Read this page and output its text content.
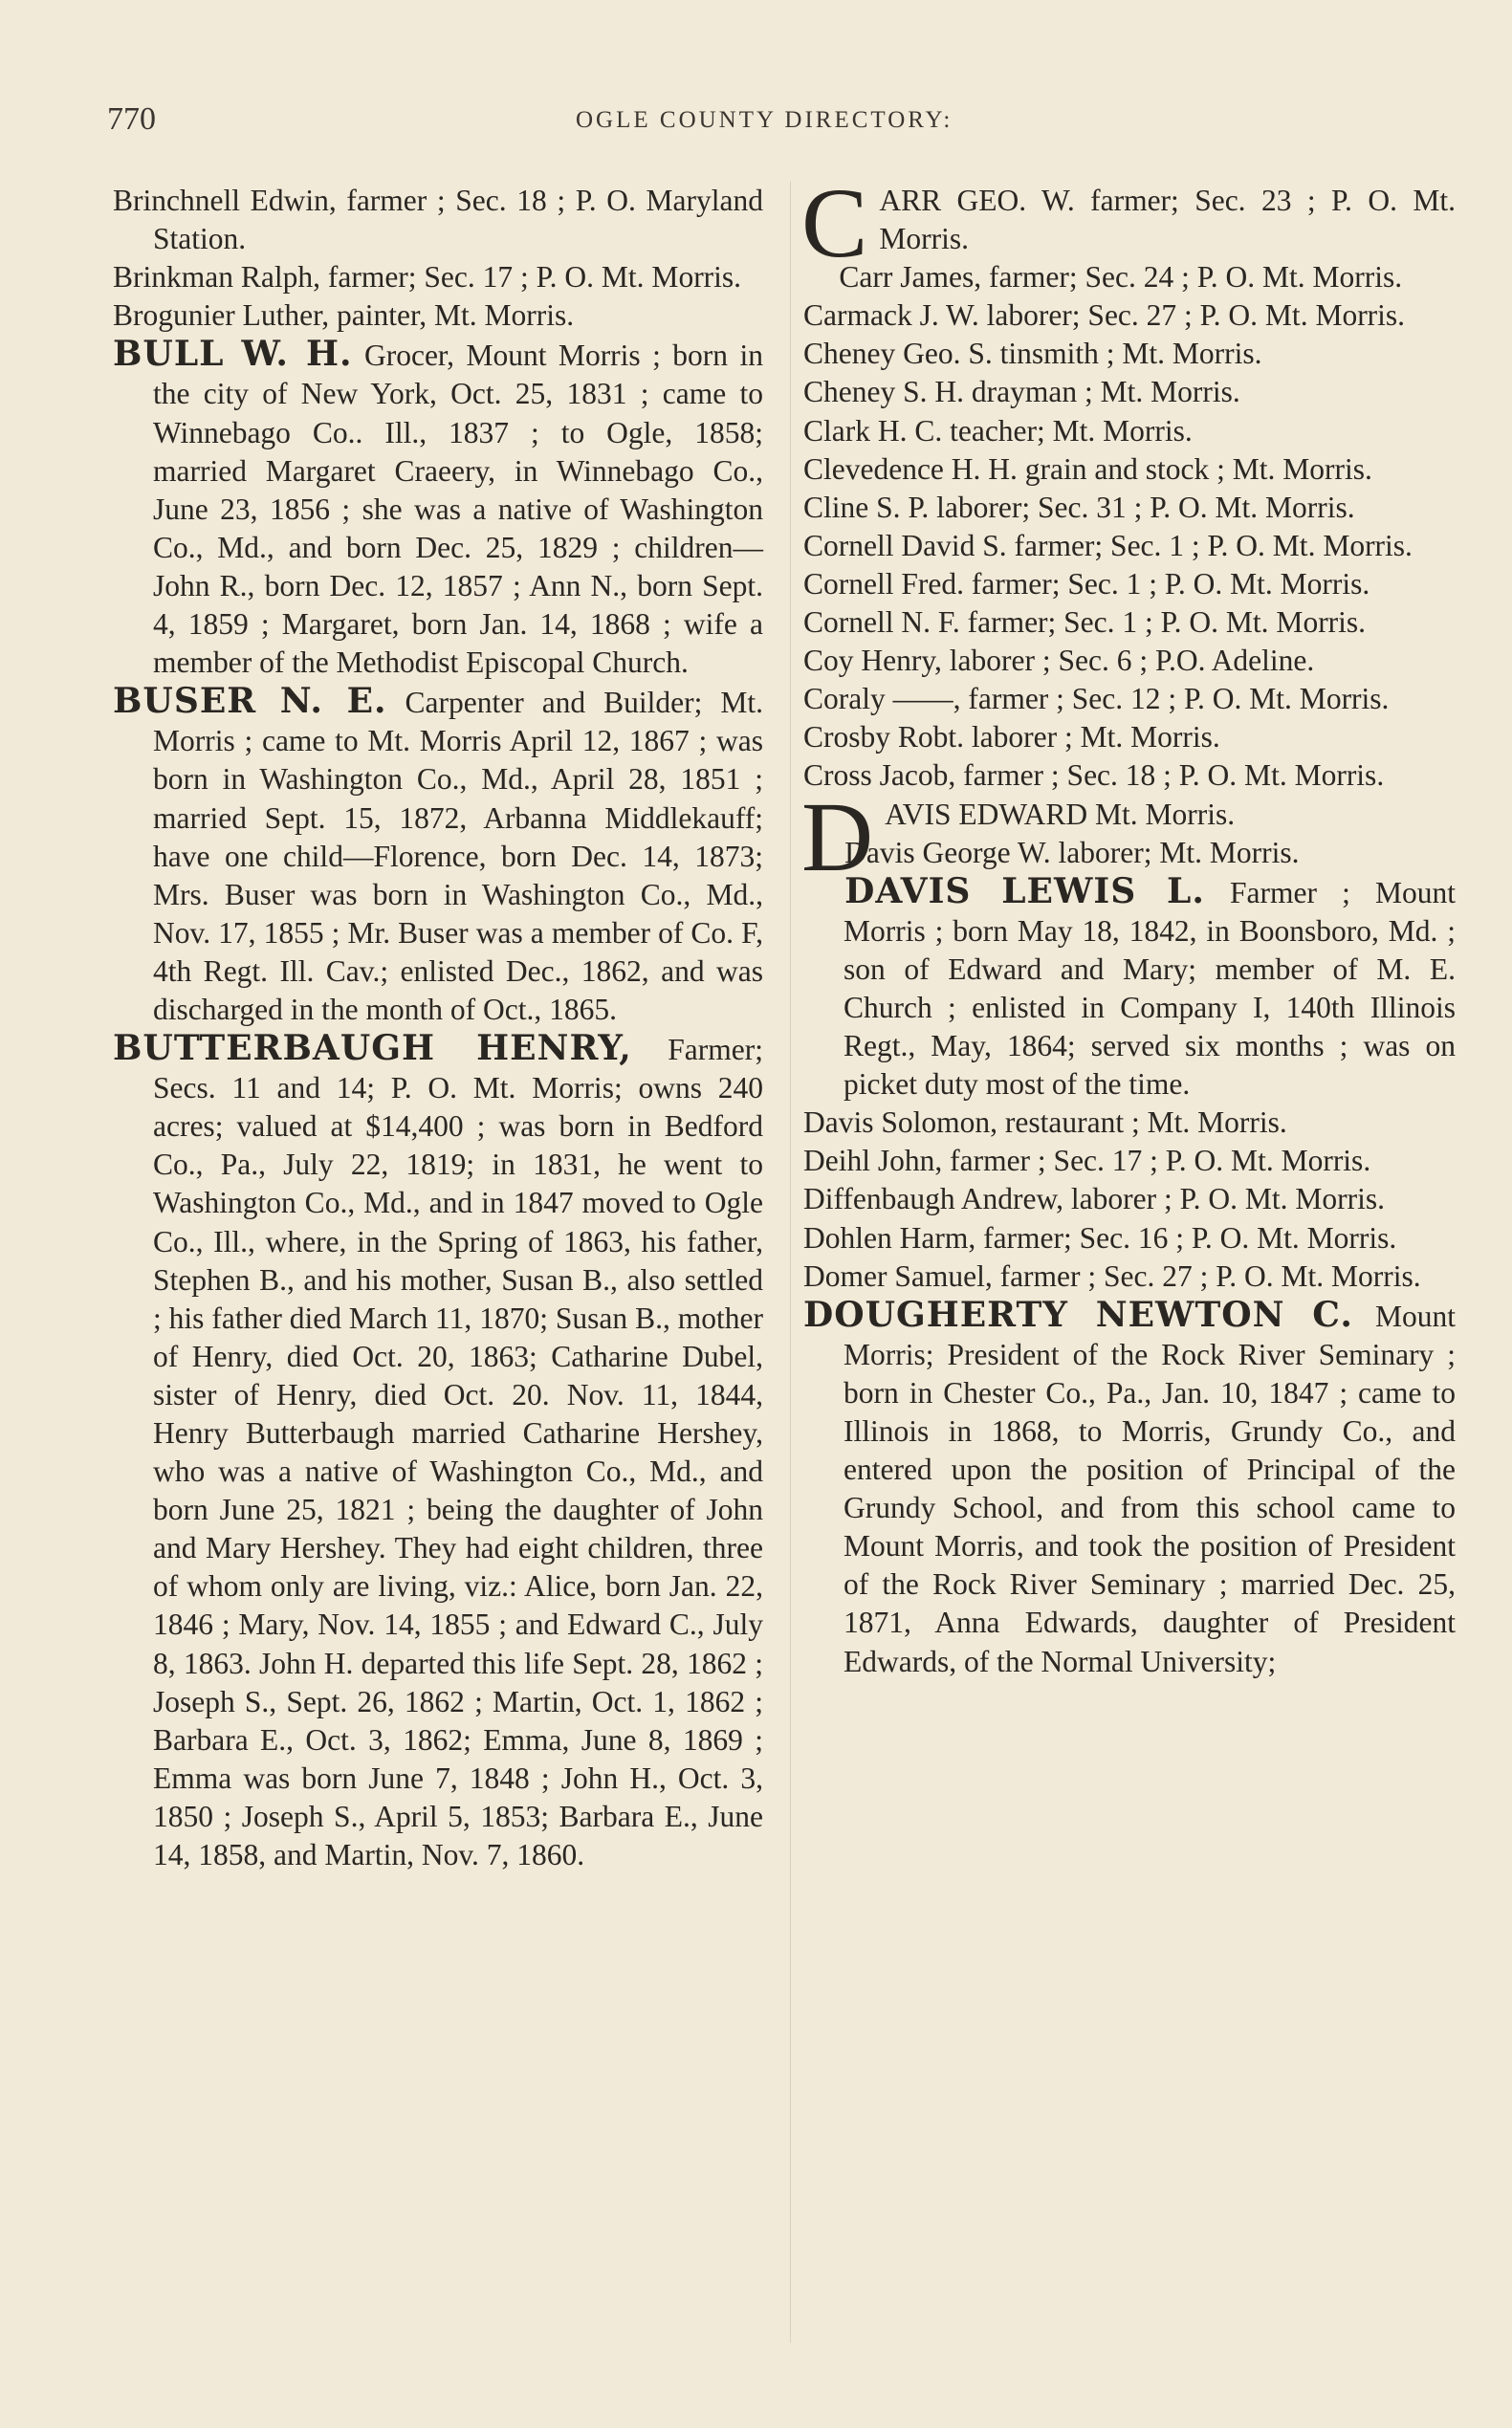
770	OGLE COUNTY DIRECTORY:

Brinchnell Edwin, farmer ; Sec. 18 ; P. O. Maryland Station.

Brinkman Ralph, farmer; Sec. 17 ; P. O. Mt. Morris.

Brogunier Luther, painter, Mt. Morris.

BULL W. H. Grocer, Mount Morris ; born in the city of New York, Oct. 25, 1831 ; came to Winnebago Co.. Ill., 1837 ; to Ogle, 1858; married Margaret Craeery, in Winnebago Co., June 23, 1856 ; she was a native of Washington Co., Md., and born Dec. 25, 1829 ; children—John R., born Dec. 12, 1857 ; Ann N., born Sept. 4, 1859 ; Margaret, born Jan. 14, 1868 ; wife a member of the Methodist Episcopal Church.

BUSER N. E. Carpenter and Builder; Mt. Morris ; came to Mt. Morris April 12, 1867 ; was born in Washington Co., Md., April 28, 1851 ; married Sept. 15, 1872, Arbanna Middlekauff; have one child—Florence, born Dec. 14, 1873; Mrs. Buser was born in Washington Co., Md., Nov. 17, 1855 ; Mr. Buser was a member of Co. F, 4th Regt. Ill. Cav.; enlisted Dec., 1862, and was discharged in the month of Oct., 1865.

BUTTERBAUGH HENRY, Farmer; Secs. 11 and 14; P. O. Mt. Morris; owns 240 acres; valued at $14,400 ; was born in Bedford Co., Pa., July 22, 1819; in 1831, he went to Washington Co., Md., and in 1847 moved to Ogle Co., Ill., where, in the Spring of 1863, his father, Stephen B., and his mother, Susan B., also settled ; his father died March 11, 1870; Susan B., mother of Henry, died Oct. 20, 1863; Catharine Dubel, sister of Henry, died Oct. 20. Nov. 11, 1844, Henry Butterbaugh married Catharine Hershey, who was a native of Washington Co., Md., and born June 25, 1821 ; being the daughter of John and Mary Hershey. They had eight children, three of whom only are living, viz.: Alice, born Jan. 22, 1846 ; Mary, Nov. 14, 1855 ; and Edward C., July 8, 1863. John H. departed this life Sept. 28, 1862 ; Joseph S., Sept. 26, 1862 ; Martin, Oct. 1, 1862 ; Barbara E., Oct. 3, 1862; Emma, June 8, 1869 ; Emma was born June 7, 1848 ; John H., Oct. 3, 1850 ; Joseph S., April 5, 1853; Barbara E., June 14, 1858, and Martin, Nov. 7, 1860.

CARR GEO. W. farmer; Sec. 23 ; P. O. Mt. Morris.

Carr James, farmer; Sec. 24 ; P. O. Mt. Morris.

Carmack J. W. laborer; Sec. 27 ; P. O. Mt. Morris.

Cheney Geo. S. tinsmith ; Mt. Morris.

Cheney S. H. drayman ; Mt. Morris.

Clark H. C. teacher; Mt. Morris.

Clevedence H. H. grain and stock ; Mt. Morris.

Cline S. P. laborer; Sec. 31 ; P. O. Mt. Morris.

Cornell David S. farmer; Sec. 1 ; P. O. Mt. Morris.

Cornell Fred. farmer; Sec. 1 ; P. O. Mt. Morris.

Cornell N. F. farmer; Sec. 1 ; P. O. Mt. Morris.

Coy Henry, laborer ; Sec. 6 ; P.O. Adeline.

Coraly ——, farmer ; Sec. 12 ; P. O. Mt. Morris.

Crosby Robt. laborer ; Mt. Morris.

Cross Jacob, farmer ; Sec. 18 ; P. O. Mt. Morris.

DAVIS EDWARD Mt. Morris.

Davis George W. laborer; Mt. Morris.

DAVIS LEWIS L. Farmer ; Mount Morris ; born May 18, 1842, in Boonsboro, Md. ; son of Edward and Mary; member of M. E. Church ; enlisted in Company I, 140th Illinois Regt., May, 1864; served six months ; was on picket duty most of the time.

Davis Solomon, restaurant ; Mt. Morris.

Deihl John, farmer ; Sec. 17 ; P. O. Mt. Morris.

Diffenbaugh Andrew, laborer ; P. O. Mt. Morris.

Dohlen Harm, farmer; Sec. 16 ; P. O. Mt. Morris.

Domer Samuel, farmer ; Sec. 27 ; P. O. Mt. Morris.

DOUGHERTY NEWTON C. Mount Morris; President of the Rock River Seminary ; born in Chester Co., Pa., Jan. 10, 1847 ; came to Illinois in 1868, to Morris, Grundy Co., and entered upon the position of Principal of the Grundy School, and from this school came to Mount Morris, and took the position of President of the Rock River Seminary ; married Dec. 25, 1871, Anna Edwards, daughter of President Edwards, of the Normal University;
